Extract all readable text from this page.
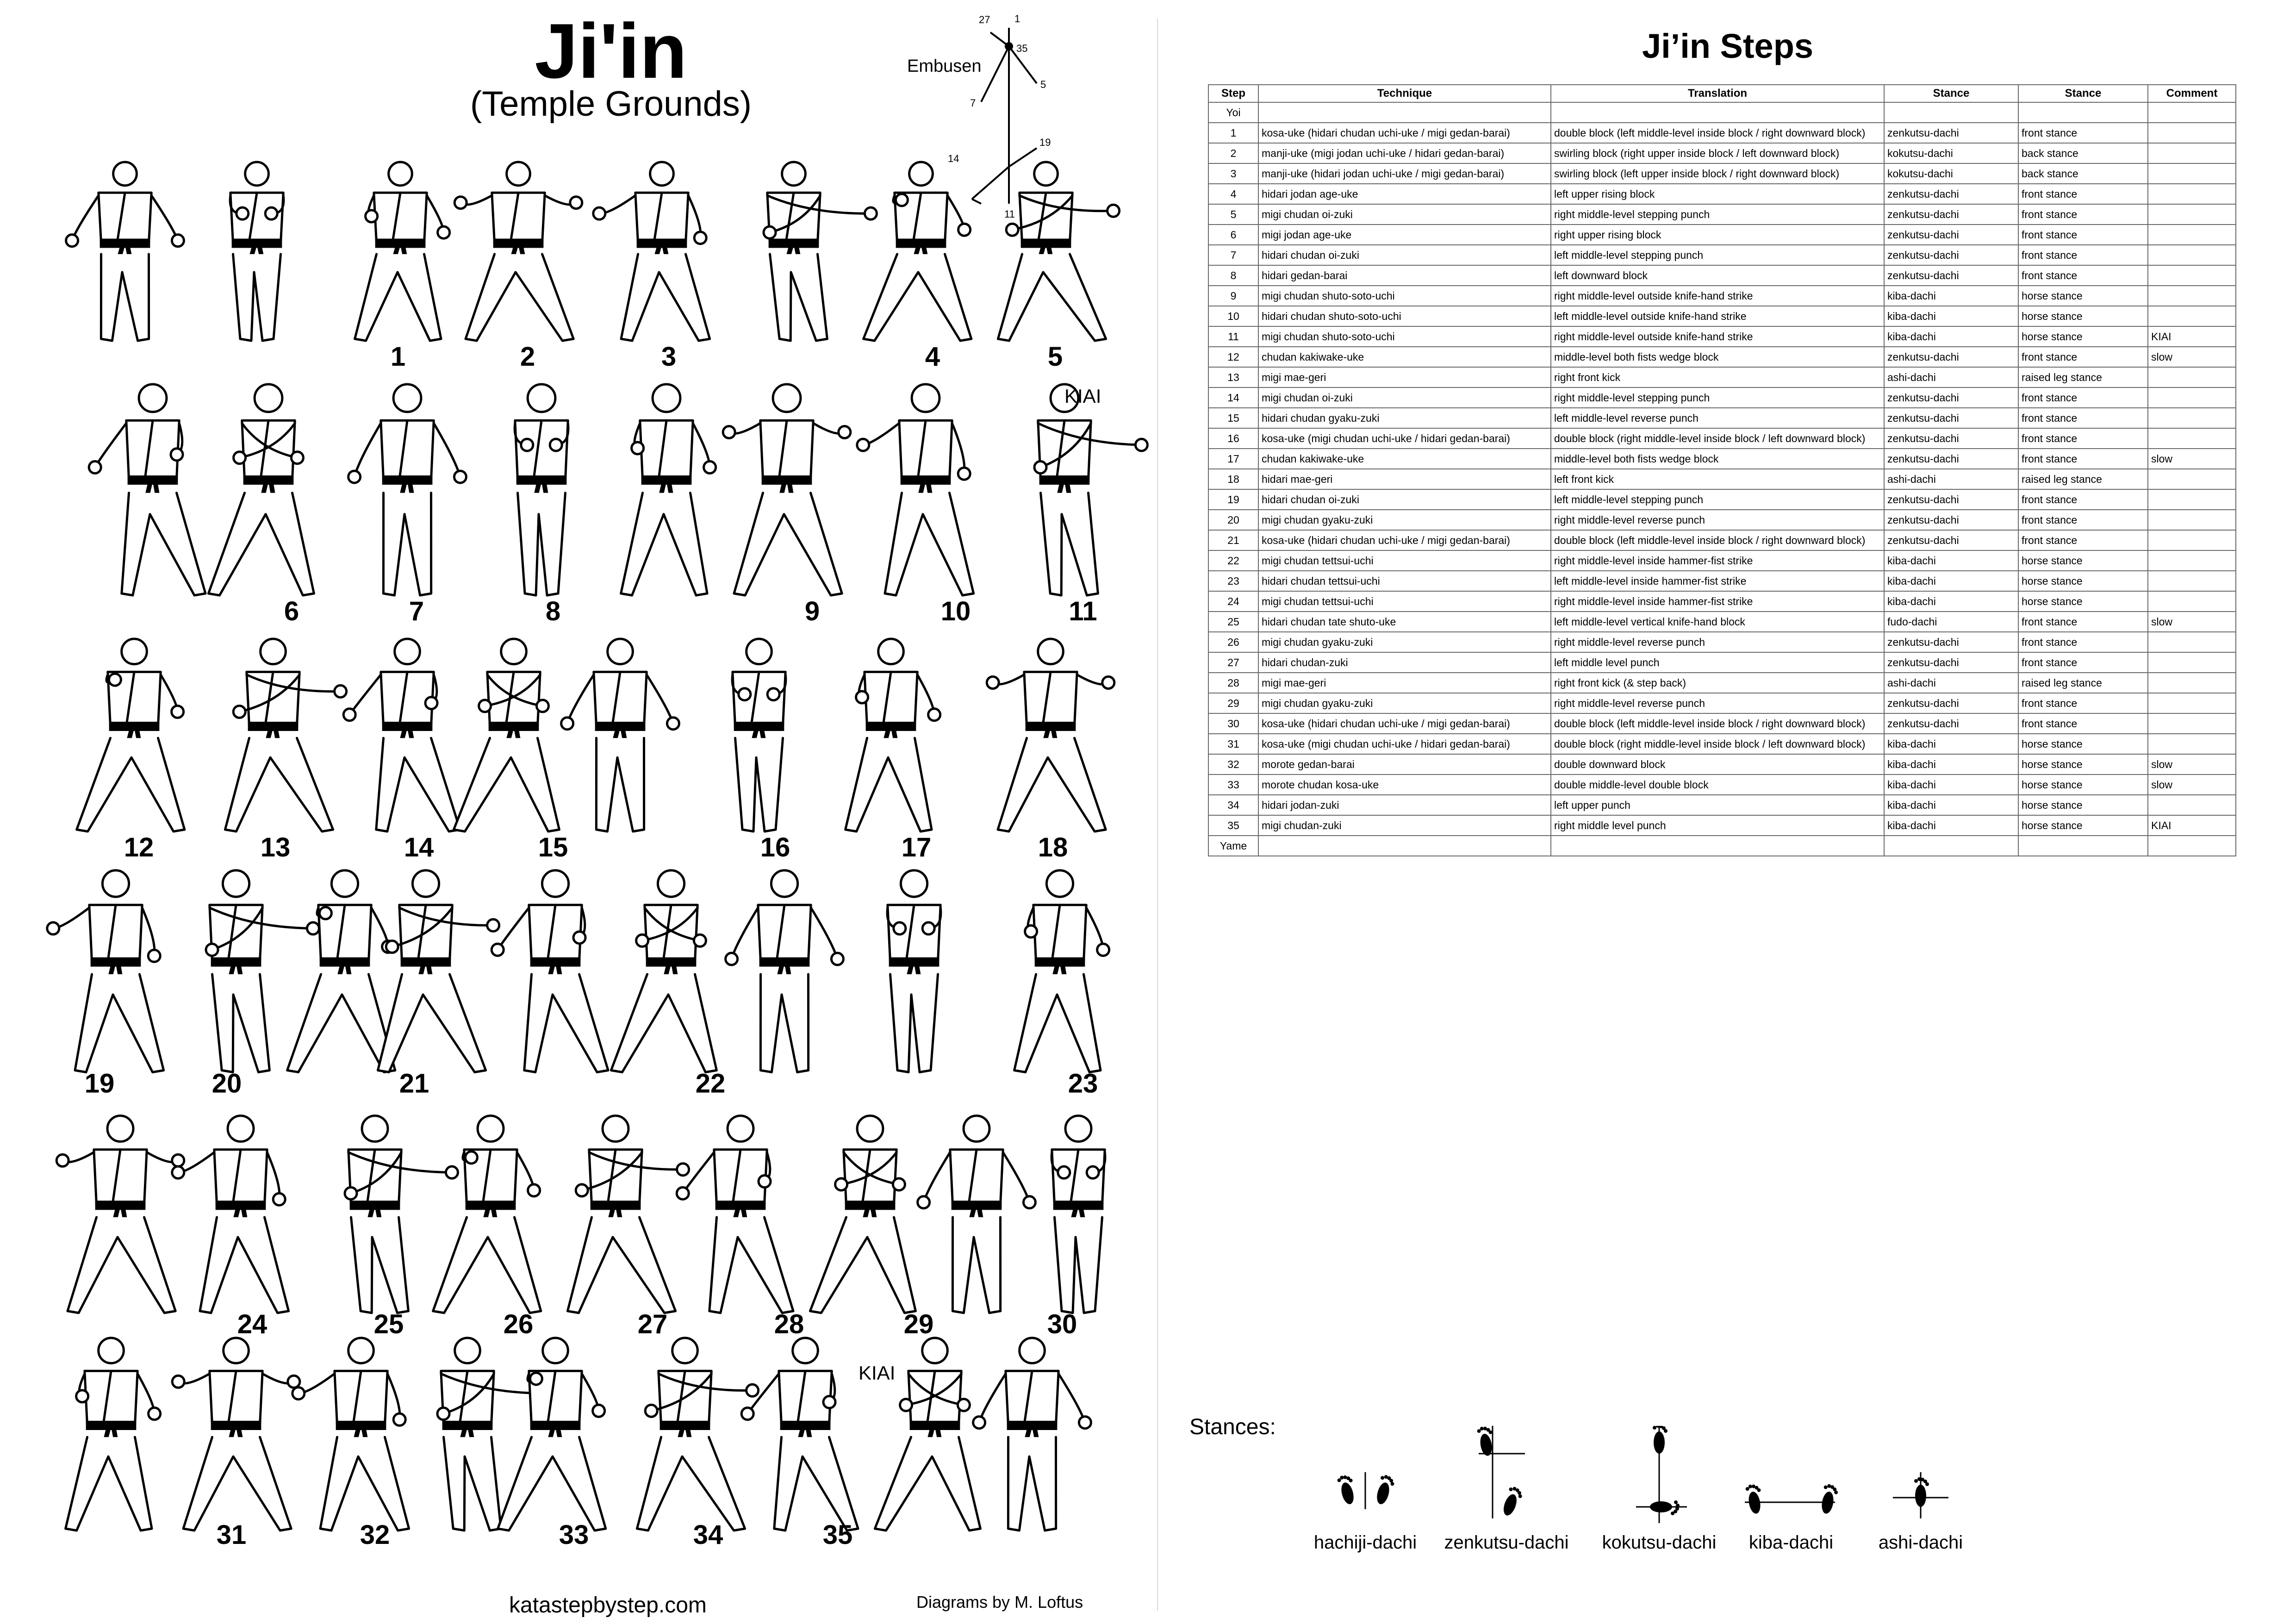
Ji'in
(Temple Grounds)
Embusen
27 1
35
5
7
14
19
11
1	2	3	4	5
6	7	8	9	10	11
12	13	14	15	16	17	18
19	20	21	22	23
24	25	26	27	28	29	30
31	32	33	34	35
KIAI
KIAI
katastepbystep.com	Diagrams by M. Loftus
Ji’in Steps
Step	Technique	Translation	Stance	Stance	Comment
Yoi					
1	kosa-uke (hidari chudan uchi-uke / migi gedan-barai)	double block (left middle-level inside block / right downward block)	zenkutsu-dachi	front stance	
2	manji-uke (migi jodan uchi-uke / hidari gedan-barai)	swirling block (right upper inside block / left downward block)	kokutsu-dachi	back stance	
3	manji-uke (hidari jodan uchi-uke / migi gedan-barai)	swirling block (left upper inside block / right downward block)	kokutsu-dachi	back stance	
4	hidari jodan age-uke	left upper rising block	zenkutsu-dachi	front stance	
5	migi chudan oi-zuki	right middle-level stepping punch	zenkutsu-dachi	front stance	
6	migi jodan age-uke	right upper rising block	zenkutsu-dachi	front stance	
7	hidari chudan oi-zuki	left middle-level stepping punch	zenkutsu-dachi	front stance	
8	hidari gedan-barai	left downward block	zenkutsu-dachi	front stance	
9	migi chudan shuto-soto-uchi	right middle-level outside knife-hand strike	kiba-dachi	horse stance	
10	hidari chudan shuto-soto-uchi	left middle-level outside knife-hand strike	kiba-dachi	horse stance	
11	migi chudan shuto-soto-uchi	right middle-level outside knife-hand strike	kiba-dachi	horse stance	KIAI
12	chudan kakiwake-uke	middle-level both fists wedge block	zenkutsu-dachi	front stance	slow
13	migi mae-geri	right front kick	ashi-dachi	raised leg stance	
14	migi chudan oi-zuki	right middle-level stepping punch	zenkutsu-dachi	front stance	
15	hidari chudan gyaku-zuki	left middle-level reverse punch	zenkutsu-dachi	front stance	
16	kosa-uke (migi chudan uchi-uke / hidari gedan-barai)	double block (right middle-level inside block / left downward block)	zenkutsu-dachi	front stance	
17	chudan kakiwake-uke	middle-level both fists wedge block	zenkutsu-dachi	front stance	slow
18	hidari mae-geri	left front kick	ashi-dachi	raised leg stance	
19	hidari chudan oi-zuki	left middle-level stepping punch	zenkutsu-dachi	front stance	
20	migi chudan gyaku-zuki	right middle-level reverse punch	zenkutsu-dachi	front stance	
21	kosa-uke (hidari chudan uchi-uke / migi gedan-barai)	double block (left middle-level inside block / right downward block)	zenkutsu-dachi	front stance	
22	migi chudan tettsui-uchi	right middle-level inside hammer-fist strike	kiba-dachi	horse stance	
23	hidari chudan tettsui-uchi	left middle-level inside hammer-fist strike	kiba-dachi	horse stance	
24	migi chudan tettsui-uchi	right middle-level inside hammer-fist strike	kiba-dachi	horse stance	
25	hidari chudan tate shuto-uke	left middle-level vertical knife-hand block	fudo-dachi	front stance	slow
26	migi chudan gyaku-zuki	right middle-level reverse punch	zenkutsu-dachi	front stance	
27	hidari chudan-zuki	left middle level punch	zenkutsu-dachi	front stance	
28	migi mae-geri	right front kick (& step back)	ashi-dachi	raised leg stance	
29	migi chudan gyaku-zuki	right middle-level reverse punch	zenkutsu-dachi	front stance	
30	kosa-uke (hidari chudan uchi-uke / migi gedan-barai)	double block (left middle-level inside block / right downward block)	zenkutsu-dachi	front stance	
31	kosa-uke (migi chudan uchi-uke / hidari gedan-barai)	double block (right middle-level inside block / left downward block)	kiba-dachi	horse stance	
32	morote gedan-barai	double downward block	kiba-dachi	horse stance	slow
33	morote chudan kosa-uke	double middle-level double block	kiba-dachi	horse stance	slow
34	hidari jodan-zuki	left upper punch	kiba-dachi	horse stance	
35	migi chudan-zuki	right middle level punch	kiba-dachi	horse stance	KIAI
Yame					
Stances:
hachiji-dachi zenkutsu-dachi kokutsu-dachi kiba-dachi ashi-dachi
